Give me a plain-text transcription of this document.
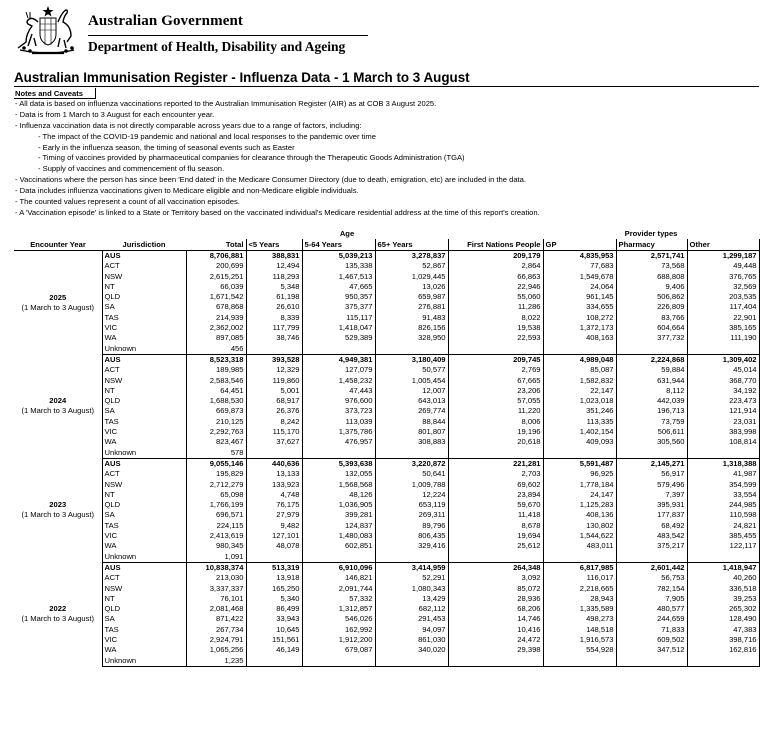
Australian Government
Department of Health, Disability and Ageing
Australian Immunisation Register - Influenza Data - 1 March to 3 August
Notes and Caveats
- All data is based on influenza vaccinations reported to the Australian Immunisation Register (AIR) as at COB 3 August 2025.
- Data is from 1 March to 3 August for each encounter year.
- Influenza vaccination data is not directly comparable across years due to a range of factors, including:
- The impact of the COVID-19 pandemic and national and local responses to the pandemic over time
- Early in the influenza season, the timing of seasonal events such as Easter
- Timing of vaccines provided by pharmaceutical companies for clearance through the Therapeutic Goods Administration (TGA)
- Supply of vaccines and commencement of flu season.
- Vaccinations where the person has since been 'End dated' in the Medicare Consumer Directory (due to death, emigration, etc) are included in the data.
- Data includes influenza vaccinations given to Medicare eligible and non-Medicare eligible individuals.
- The counted values represent a count of all vaccination episodes.
- A 'Vaccination episode' is linked to a State or Territory based on the vaccinated individual's Medicare residential address at the time of this report's creation.
			Age				Provider types		
Encounter Year	Jurisdiction	Total	<5 Years	5-64 Years	65+ Years	First Nations People	GP	Pharmacy	Other

2025
(1 March to 3 August)	AUS	8,706,881	388,831	5,039,213	3,278,837	209,179	4,835,953	2,571,741	1,299,187
	ACT	200,699	12,494	135,338	52,867	2,864	77,683	73,568	49,448
	NSW	2,615,251	118,293	1,467,513	1,029,445	66,863	1,549,678	688,808	376,765
	NT	66,039	5,348	47,665	13,026	22,946	24,064	9,406	32,569
	QLD	1,671,542	61,198	950,357	659,987	55,060	961,145	506,862	203,535
	SA	678,868	26,610	375,377	276,881	11,286	334,655	226,809	117,404
	TAS	214,939	8,339	115,117	91,483	8,022	108,272	83,766	22,901
	VIC	2,362,002	117,799	1,418,047	826,156	19,538	1,372,173	604,664	385,165
	WA	897,085	38,746	529,389	328,950	22,593	408,163	377,732	111,190
	Unknown	456							

2024
(1 March to 3 August)	AUS	8,523,318	393,528	4,949,381	3,180,409	209,745	4,989,048	2,224,868	1,309,402
	ACT	189,985	12,329	127,079	50,577	2,769	85,087	59,884	45,014
	NSW	2,583,546	119,860	1,458,232	1,005,454	67,665	1,582,832	631,944	368,770
	NT	64,451	5,001	47,443	12,007	23,206	22,147	8,112	34,192
	QLD	1,688,530	68,917	976,600	643,013	57,055	1,023,018	442,039	223,473
	SA	669,873	26,376	373,723	269,774	11,220	351,246	196,713	121,914
	TAS	210,125	8,242	113,039	88,844	8,006	113,335	73,759	23,031
	VIC	2,292,763	115,170	1,375,786	801,807	19,196	1,402,154	506,611	383,998
	WA	823,467	37,627	476,957	308,883	20,618	409,093	305,560	108,814
	Unknown	578							

2023
(1 March to 3 August)	AUS	9,055,146	440,636	5,393,638	3,220,872	221,281	5,591,487	2,145,271	1,318,388
	ACT	195,829	13,133	132,055	50,641	2,703	96,925	56,917	41,987
	NSW	2,712,279	133,923	1,568,568	1,009,788	69,602	1,778,184	579,496	354,599
	NT	65,098	4,748	48,126	12,224	23,894	24,147	7,397	33,554
	QLD	1,766,199	76,175	1,036,905	653,119	59,670	1,125,283	395,931	244,985
	SA	696,571	27,979	399,281	269,311	11,418	408,136	177,837	110,598
	TAS	224,115	9,482	124,837	89,796	8,678	130,802	68,492	24,821
	VIC	2,413,619	127,101	1,480,083	806,435	19,694	1,544,622	483,542	385,455
	WA	980,345	48,078	602,851	329,416	25,612	483,011	375,217	122,117
	Unknown	1,091							

2022
(1 March to 3 August)	AUS	10,838,374	513,319	6,910,096	3,414,959	264,348	6,817,985	2,601,442	1,418,947
	ACT	213,030	13,918	146,821	52,291	3,092	116,017	56,753	40,260
	NSW	3,337,337	165,250	2,091,744	1,080,343	85,072	2,218,665	782,154	336,518
	NT	76,101	5,340	57,332	13,429	28,936	28,943	7,905	39,253
	QLD	2,081,468	86,499	1,312,857	682,112	68,206	1,335,589	480,577	265,302
	SA	871,422	33,943	546,026	291,453	14,746	498,273	244,659	128,490
	TAS	267,734	10,645	162,992	94,097	10,416	148,518	71,833	47,383
	VIC	2,924,791	151,561	1,912,200	861,030	24,472	1,916,573	609,502	398,716
	WA	1,065,256	46,149	679,087	340,020	29,398	554,928	347,512	162,816
	Unknown	1,235							
